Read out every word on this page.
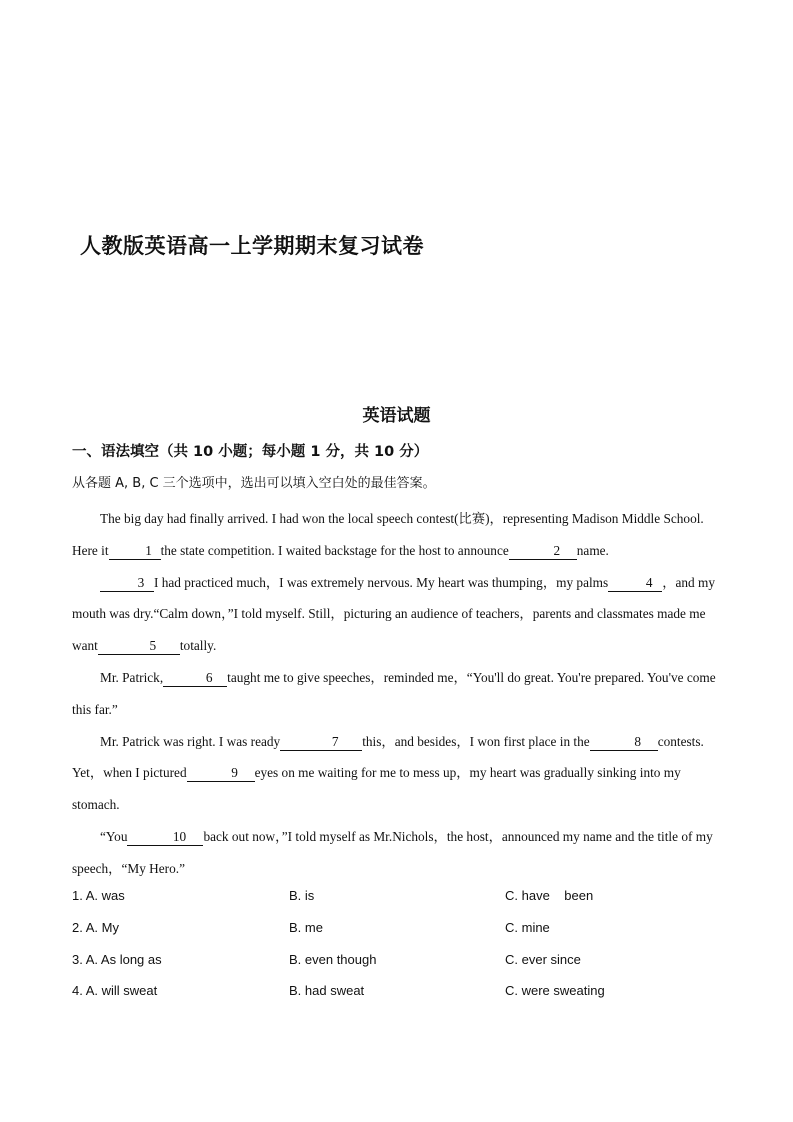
人教版英语高一上学期期末复习试卷
英语试题
一、语法填空（共 10 小题；每小题 1 分，共 10 分）
从各题 A, B, C 三个选项中，选出可以填入空白处的最佳答案。

The big day had finally arrived. I had won the local speech contest(比赛)，representing Madison Middle School. Here it	1 the state competition. I waited backstage for the host to announce	2 name.

3 I had practiced much，I was extremely nervous. My heart was thumping，my palms	4 ，and my mouth was dry.“Calm down，”I told myself. Still，picturing an audience of teachers，parents and classmates made me want	5 totally.

Mr. Patrick,	6 taught me to give speeches，reminded me，“You'll do great. You're prepared. You've come this far.”

Mr. Patrick was right. I was ready	7 this，and besides，I won first place in the	8 contests. Yet，when I pictured	9 eyes on me waiting for me to mess up，my heart was gradually sinking into my stomach.

“You	10 back out now，”I told myself as Mr.Nichols，the host，announced my name and the title of my speech，“My Hero.”

1. A. was	B. is	C. have    been
2. A. My	B. me	C. mine
3. A. As long as	B. even though	C. ever since
4. A. will sweat	B. had sweat	C. were sweating
